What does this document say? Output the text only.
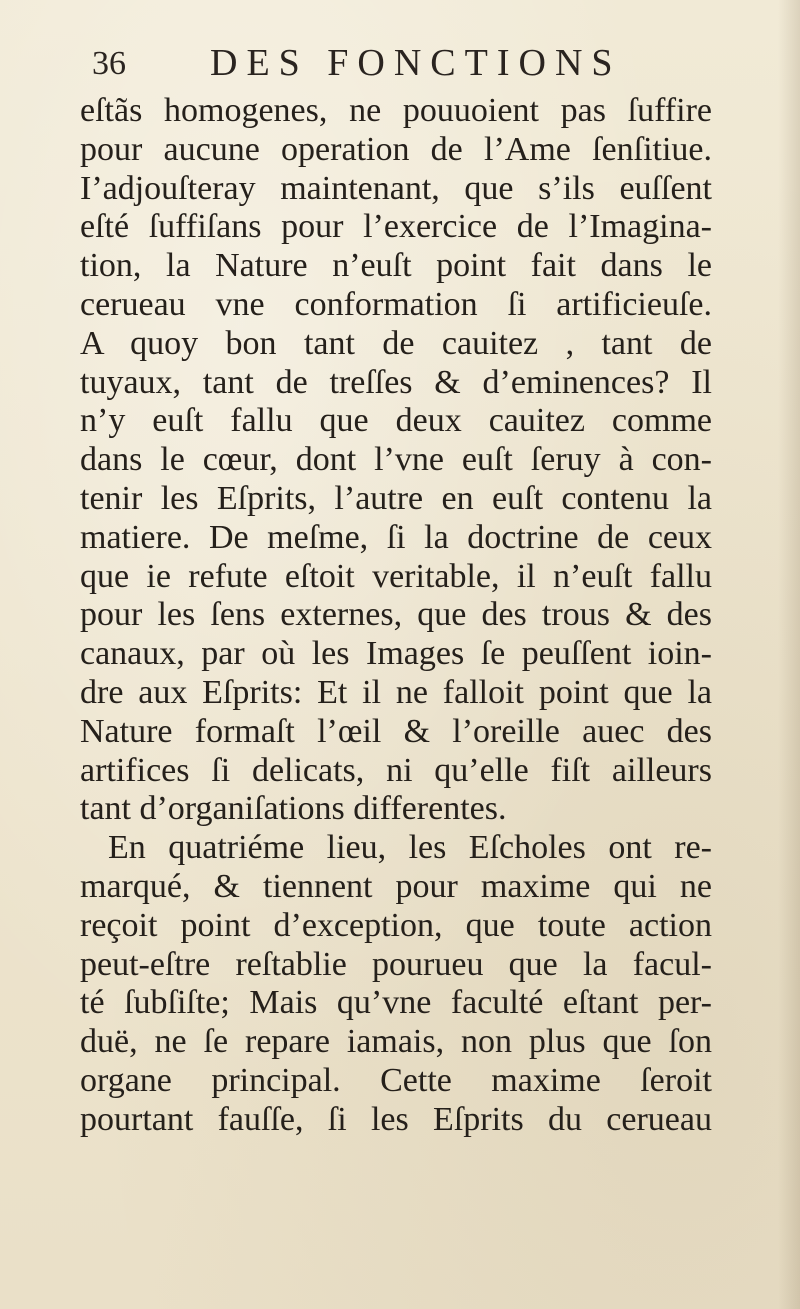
36 DES FONCTIONS
eſtãs homogenes, ne pouuoient pas ſuffire
pour aucune operation de l’Ame ſenſitiue.
I’adjouſteray maintenant, que s’ils euſſent
eſté ſuffiſans pour l’exercice de l’Imagina-
tion, la Nature n’euſt point fait dans le
cerueau vne conformation ſi artificieuſe.
A quoy bon tant de cauitez , tant de
tuyaux, tant de treſſes & d’eminences? Il
n’y euſt fallu que deux cauitez comme
dans le cœur, dont l’vne euſt ſeruy à con-
tenir les Eſprits, l’autre en euſt contenu la
matiere. De meſme, ſi la doctrine de ceux
que ie refute eſtoit veritable, il n’euſt fallu
pour les ſens externes, que des trous & des
canaux, par où les Images ſe peuſſent ioin-
dre aux Eſprits: Et il ne falloit point que la
Nature formaſt l’œil & l’oreille auec des
artifices ſi delicats, ni qu’elle fiſt ailleurs
tant d’organiſations differentes.
En quatriéme lieu, les Eſcholes ont re-
marqué, & tiennent pour maxime qui ne
reçoit point d’exception, que toute action
peut-eſtre reſtablie pourueu que la facul-
té ſubſiſte; Mais qu’vne faculté eſtant per-
duë, ne ſe repare iamais, non plus que ſon
organe principal. Cette maxime ſeroit
pourtant fauſſe, ſi les Eſprits du cerueau
